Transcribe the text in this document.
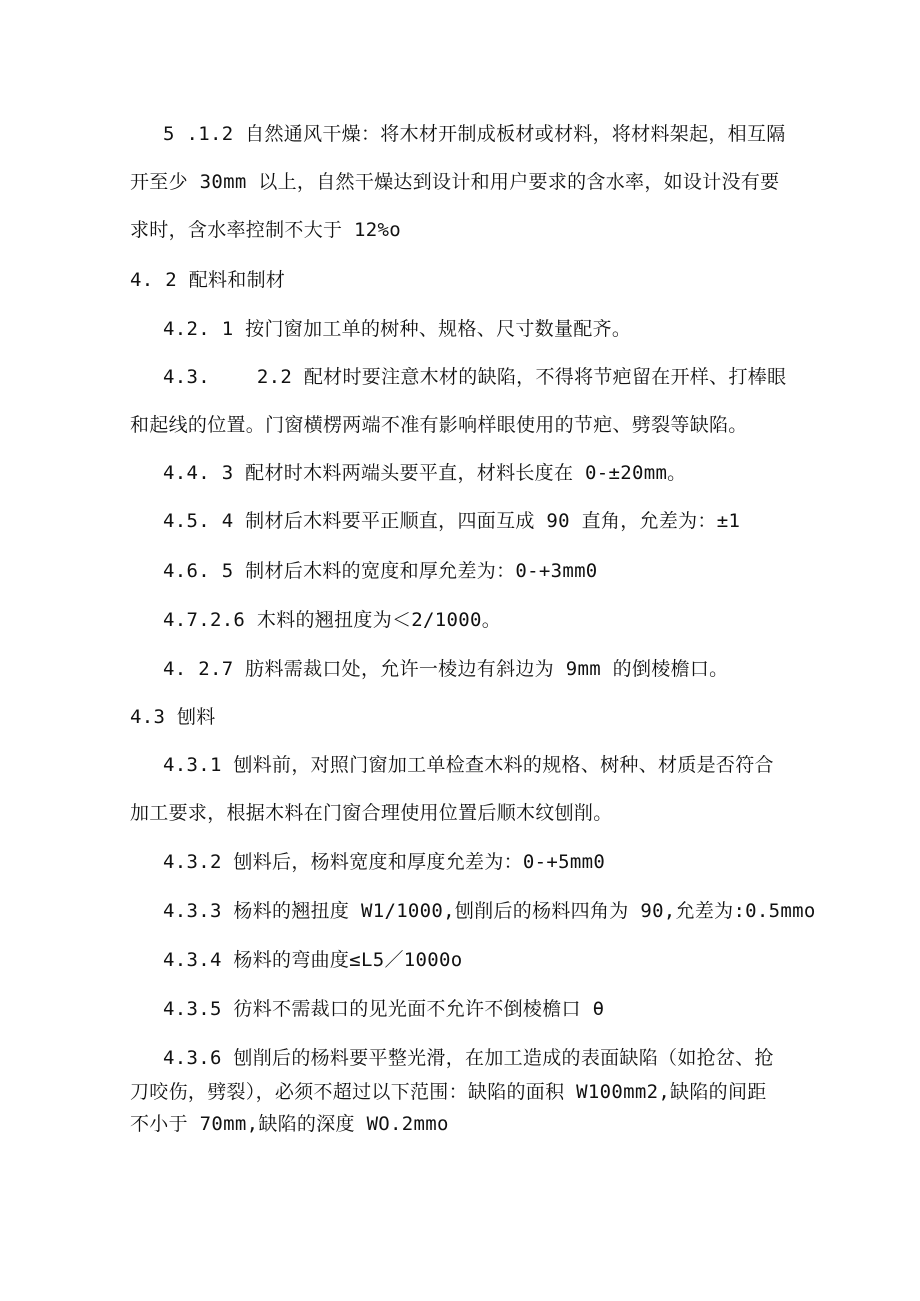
5 .1.2 自然通风干燥：将木材开制成板材或材料，将材料架起，相互隔
开至少 30mm 以上，自然干燥达到设计和用户要求的含水率，如设计没有要
求时，含水率控制不大于 12%o
4. 2 配料和制材
4.2. 1 按门窗加工单的树种、规格、尺寸数量配齐。
4.3.    2.2 配材时要注意木材的缺陷，不得将节疤留在开样、打棒眼
和起线的位置。门窗横楞两端不准有影响样眼使用的节疤、劈裂等缺陷。
4.4. 3 配材时木料两端头要平直，材料长度在 0-±20mm。
4.5. 4 制材后木料要平正顺直，四面互成 90 直角，允差为：±1
4.6. 5 制材后木料的宽度和厚允差为：0-+3mm0
4.7.2.6 木料的翘扭度为＜2/1000。
4. 2.7 肪料需裁口处，允许一棱边有斜边为 9mm 的倒棱檐口。
4.3 刨料
4.3.1 刨料前，对照门窗加工单检查木料的规格、树种、材质是否符合
加工要求，根据木料在门窗合理使用位置后顺木纹刨削。
4.3.2 刨料后，杨料宽度和厚度允差为：0-+5mm0
4.3.3 杨料的翘扭度 W1/1000,刨削后的杨料四角为 90,允差为:0.5mmo
4.3.4 杨料的弯曲度≤L5／1000o
4.3.5 彷料不需裁口的见光面不允许不倒棱檐口 θ
4.3.6 刨削后的杨料要平整光滑，在加工造成的表面缺陷（如抢岔、抢
刀咬伤，劈裂），必须不超过以下范围：缺陷的面积 W100mm2,缺陷的间距
不小于 70mm,缺陷的深度 WO.2mmo
